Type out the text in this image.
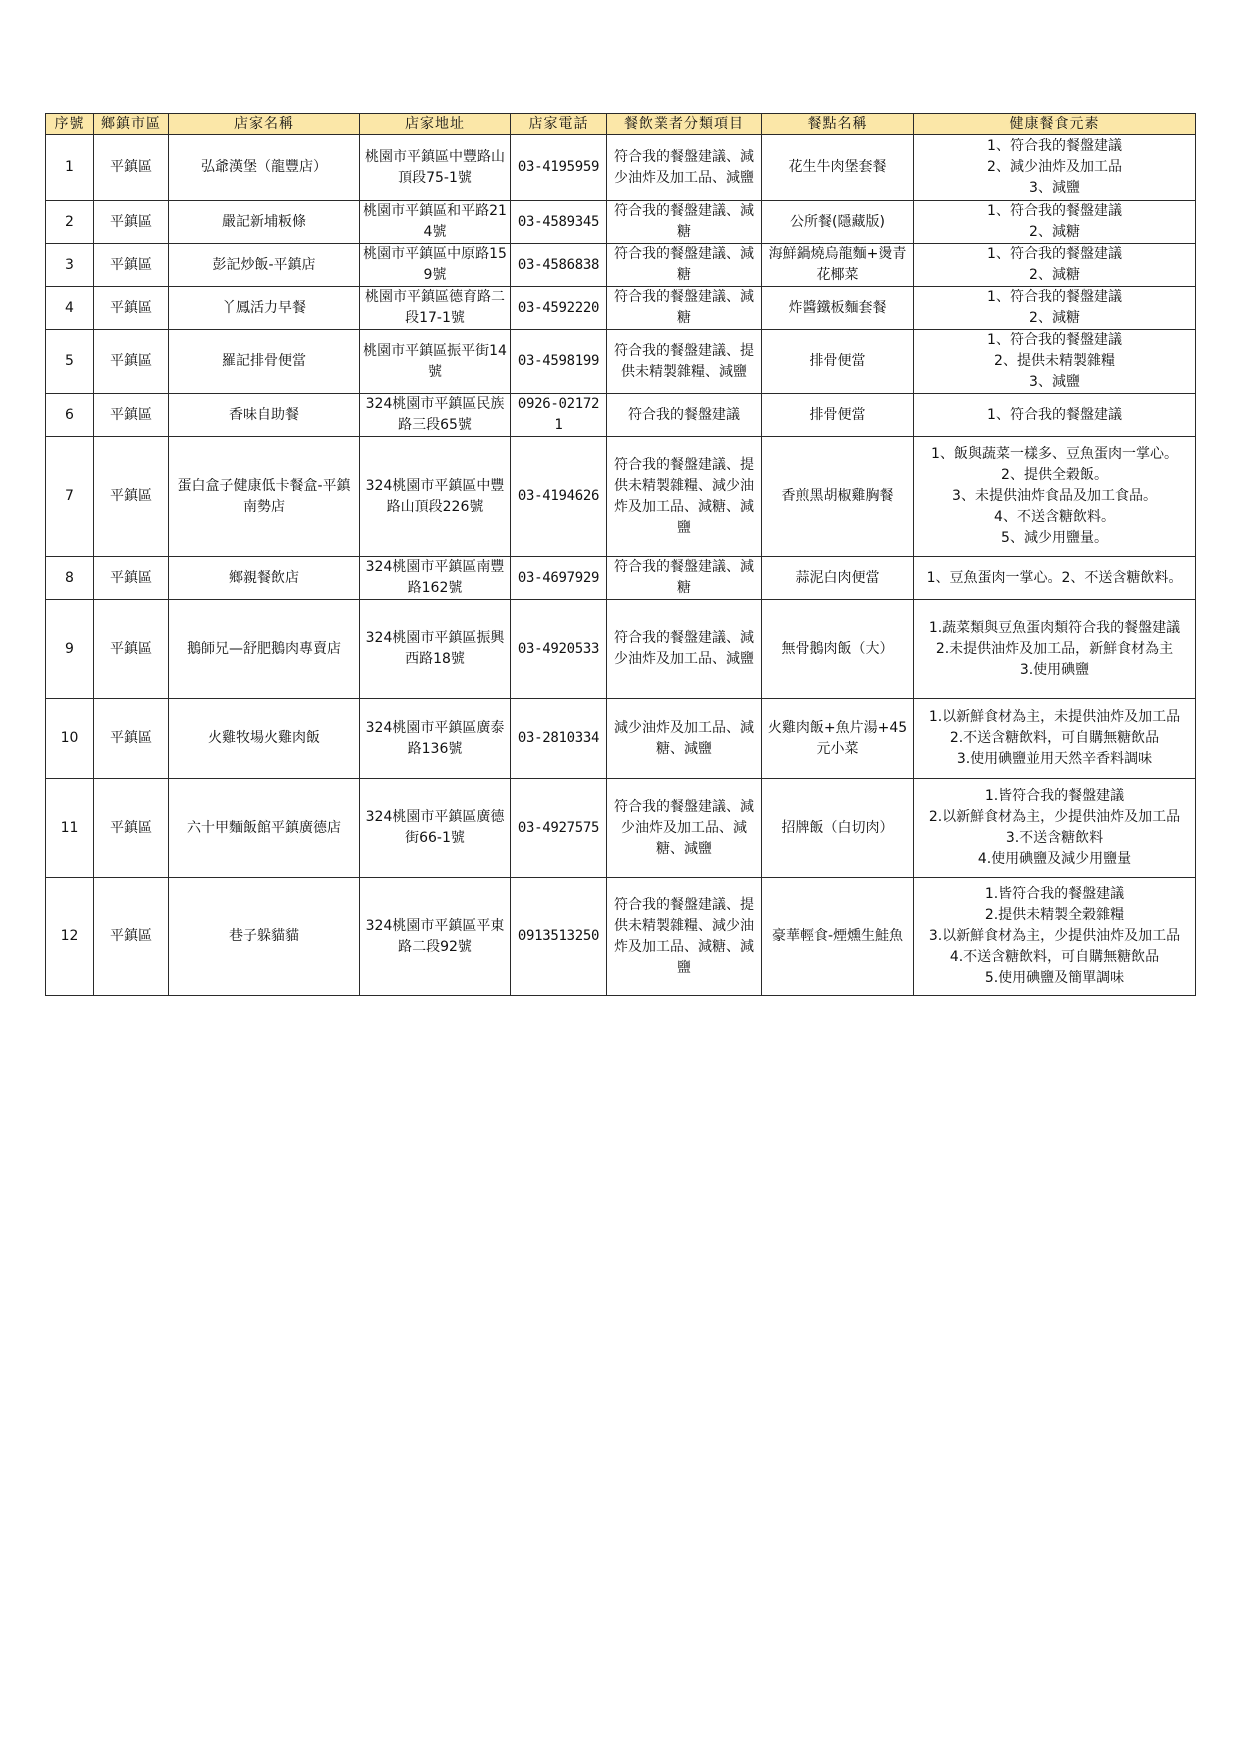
序號	鄉鎮市區	店家名稱	店家地址	店家電話	餐飲業者分類項目	餐點名稱	健康餐食元素
1	平鎮區	弘爺漢堡（龍豐店）	桃園市平鎮區中豐路山頂段75-1號	03-4195959	符合我的餐盤建議、減少油炸及加工品、減鹽	花生牛肉堡套餐	1、符合我的餐盤建議
2、減少油炸及加工品
3、減鹽

2	平鎮區	嚴記新埔粄條	桃園市平鎮區和平路214號	03-4589345	符合我的餐盤建議、減糖	公所餐(隱藏版)	1、符合我的餐盤建議
2、減糖

3	平鎮區	彭記炒飯-平鎮店	桃園市平鎮區中原路159號	03-4586838	符合我的餐盤建議、減糖	海鮮鍋燒烏龍麵+燙青花椰菜	1、符合我的餐盤建議
2、減糖

4	平鎮區	丫鳳活力早餐	桃園市平鎮區德育路二段17-1號	03-4592220	符合我的餐盤建議、減糖	炸醬鐵板麵套餐	1、符合我的餐盤建議
2、減糖

5	平鎮區	羅記排骨便當	桃園市平鎮區振平街14號	03-4598199	符合我的餐盤建議、提供未精製雜糧、減鹽	排骨便當	1、符合我的餐盤建議
2、提供未精製雜糧
3、減鹽

6	平鎮區	香味自助餐	324桃園市平鎮區民族路三段65號	0926-021721	符合我的餐盤建議	排骨便當	1、符合我的餐盤建議

7	平鎮區	蛋白盒子健康低卡餐盒-平鎮南勢店	324桃園市平鎮區中豐路山頂段226號	03-4194626	符合我的餐盤建議、提供未精製雜糧、減少油炸及加工品、減糖、減鹽	香煎黑胡椒雞胸餐	1、飯與蔬菜一樣多、豆魚蛋肉一掌心。
2、提供全穀飯。
3、未提供油炸食品及加工食品。
4、不送含糖飲料。
5、減少用鹽量。

8	平鎮區	鄉親餐飲店	324桃園市平鎮區南豐路162號	03-4697929	符合我的餐盤建議、減糖	蒜泥白肉便當	1、豆魚蛋肉一掌心。2、不送含糖飲料。

9	平鎮區	鵝師兄—舒肥鵝肉專賣店	324桃園市平鎮區振興西路18號	03-4920533	符合我的餐盤建議、減少油炸及加工品、減鹽	無骨鵝肉飯（大）	1.蔬菜類與豆魚蛋肉類符合我的餐盤建議
2.未提供油炸及加工品，新鮮食材為主
3.使用碘鹽

10	平鎮區	火雞牧場火雞肉飯	324桃園市平鎮區廣泰路136號	03-2810334	減少油炸及加工品、減糖、減鹽	火雞肉飯+魚片湯+45元小菜	1.以新鮮食材為主，未提供油炸及加工品
2.不送含糖飲料，可自購無糖飲品
3.使用碘鹽並用天然辛香料調味

11	平鎮區	六十甲麵飯館平鎮廣德店	324桃園市平鎮區廣德街66-1號	03-4927575	符合我的餐盤建議、減少油炸及加工品、減糖、減鹽	招牌飯（白切肉）	1.皆符合我的餐盤建議
2.以新鮮食材為主，少提供油炸及加工品
3.不送含糖飲料
4.使用碘鹽及減少用鹽量

12	平鎮區	巷子躲貓貓	324桃園市平鎮區平東路二段92號	0913513250	符合我的餐盤建議、提供未精製雜糧、減少油炸及加工品、減糖、減鹽	豪華輕食-煙燻生鮭魚	1.皆符合我的餐盤建議
2.提供未精製全穀雜糧
3.以新鮮食材為主，少提供油炸及加工品
4.不送含糖飲料，可自購無糖飲品
5.使用碘鹽及簡單調味
